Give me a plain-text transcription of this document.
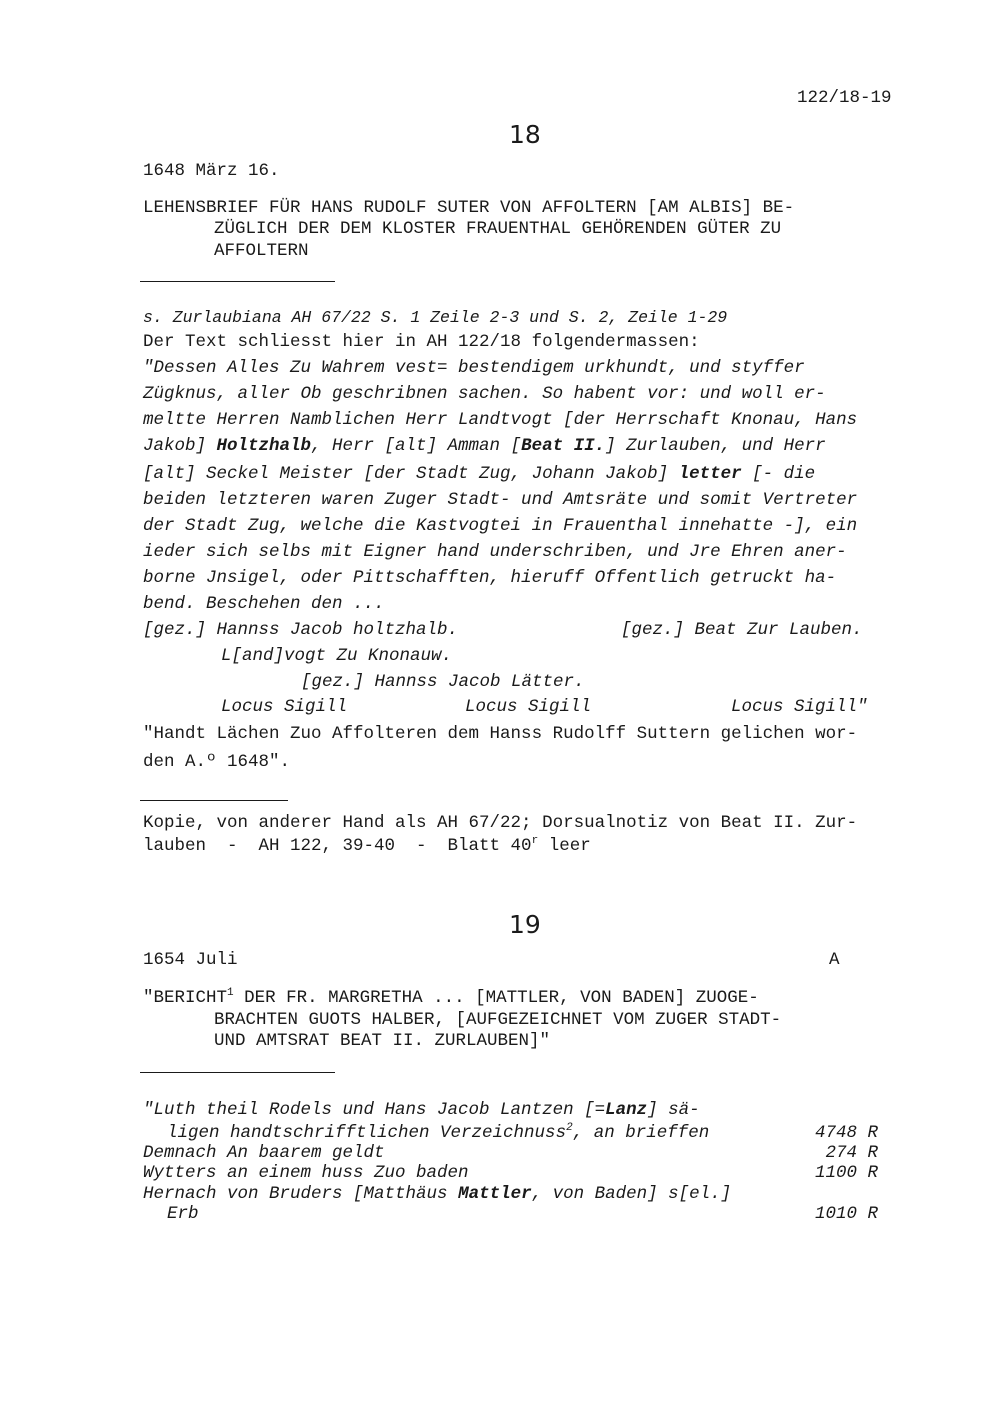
122/18-19
18
1648 März 16.
LEHENSBRIEF FÜR HANS RUDOLF SUTER VON AFFOLTERN [AM ALBIS] BE-
ZÜGLICH DER DEM KLOSTER FRAUENTHAL GEHÖRENDEN GÜTER ZU
AFFOLTERN
s. Zurlaubiana AH 67/22 S. 1 Zeile 2-3 und S. 2, Zeile 1-29
Der Text schliesst hier in AH 122/18 folgendermassen:
"Dessen Alles Zu Wahrem vest= bestendigem urkhundt, und styffer
Zügknus, aller Ob geschribnen sachen. So habent vor: und woll er-
meltte Herren Namblichen Herr Landtvogt [der Herrschaft Knonau, Hans
Jakob] Holtzhalb, Herr [alt] Amman [Beat II.] Zurlauben, und Herr
[alt] Seckel Meister [der Stadt Zug, Johann Jakob] letter [- die
beiden letzteren waren Zuger Stadt- und Amtsräte und somit Vertreter
der Stadt Zug, welche die Kastvogtei in Frauenthal innehatte -], ein
ieder sich selbs mit Eigner hand underschriben, und Jre Ehren aner-
borne Jnsigel, oder Pittschafften, hieruff Offentlich getruckt ha-
bend. Beschehen den ...
[gez.] Hannss Jacob holtzhalb.	[gez.] Beat Zur Lauben.
L[and]vogt Zu Knonauw.
[gez.] Hannss Jacob Lätter.
Locus Sigill	Locus Sigill	Locus Sigill"
"Handt Lächen Zuo Affolteren dem Hanss Rudolff Suttern gelichen wor-
den A.º 1648".
Kopie, von anderer Hand als AH 67/22; Dorsualnotiz von Beat II. Zur-
lauben  -  AH 122, 39-40  -  Blatt 40$^r$ leer
19
1654 Juli	A
"BERICHT$^1$ DER FR. MARGRETHA ... [MATTLER, VON BADEN] ZUOGE-
BRACHTEN GUOTS HALBER, [AUFGEZEICHNET VOM ZUGER STADT-
UND AMTSRAT BEAT II. ZURLAUBEN]"
"Luth theil Rodels und Hans Jacob Lantzen [=Lanz] sä-
ligen handtschrifftlichen Verzeichnuss$^2$, an brieffen	4748 R
Demnach An baarem geldt	274 R
Wytters an einem huss Zuo baden	1100 R
Hernach von Bruders [Matthäus Mattler, von Baden] s[el.]
Erb	1010 R
